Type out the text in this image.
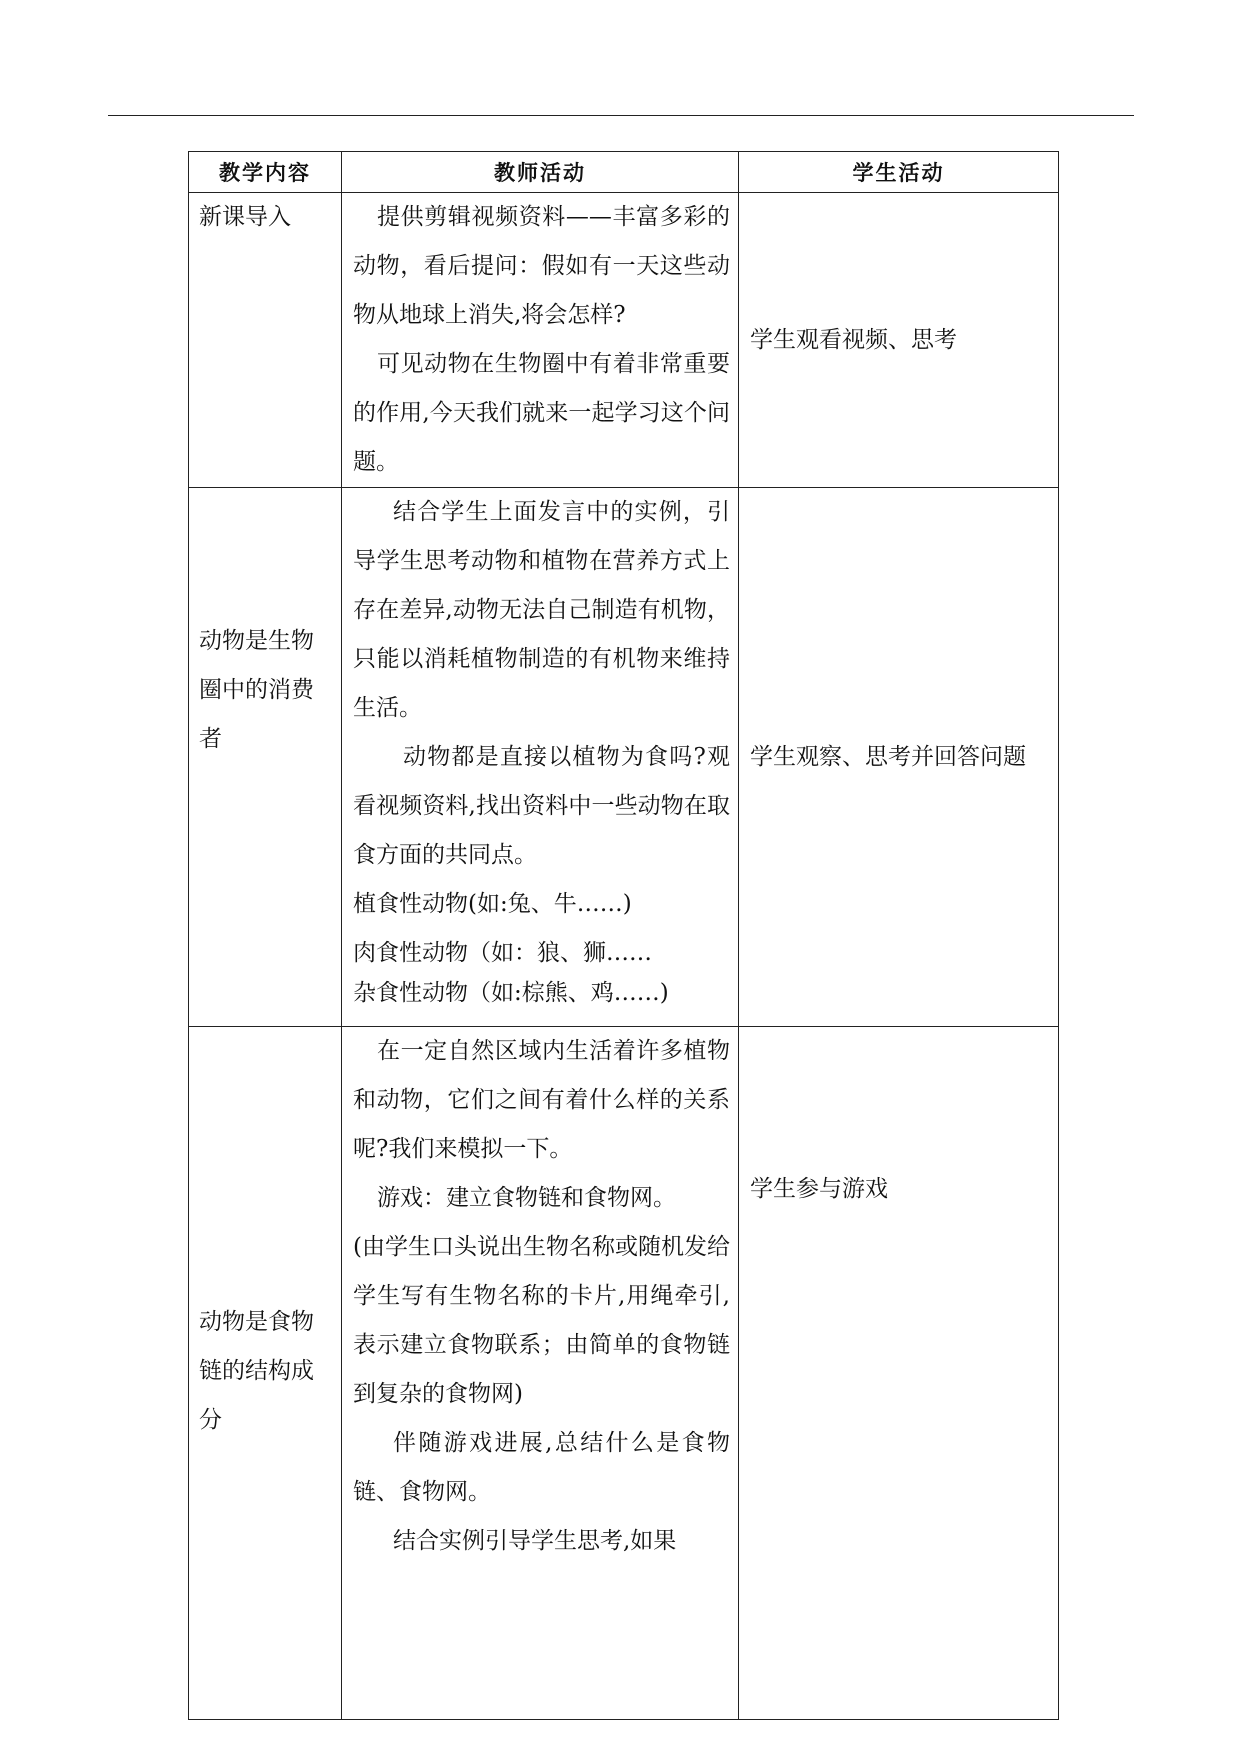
教学内容	教师活动	学生活动
新课导入	提供剪辑视频资料——丰富多彩的动物，看后提问：假如有一天这些动物从地球上消失,将会怎样?

可见动物在生物圈中有着非常重要的作用,今天我们就来一起学习这个问题。	学生观看视频、思考

动物是生物圈中的消费者	结合学生上面发言中的实例，引导学生思考动物和植物在营养方式上存在差异,动物无法自己制造有机物，只能以消耗植物制造的有机物来维持生活。

动物都是直接以植物为食吗?观看视频资料,找出资料中一些动物在取食方面的共同点。

植食性动物(如:兔、牛……)

肉食性动物（如：狼、狮……

杂食性动物（如:棕熊、鸡……)	学生观察、思考并回答问题

动物是食物链的结构成分	在一定自然区域内生活着许多植物和动物，它们之间有着什么样的关系呢?我们来模拟一下。

游戏：建立食物链和食物网。

(由学生口头说出生物名称或随机发给学生写有生物名称的卡片,用绳牵引,表示建立食物联系；由简单的食物链到复杂的食物网)

伴随游戏进展,总结什么是食物链、食物网。

结合实例引导学生思考,如果	学生参与游戏
